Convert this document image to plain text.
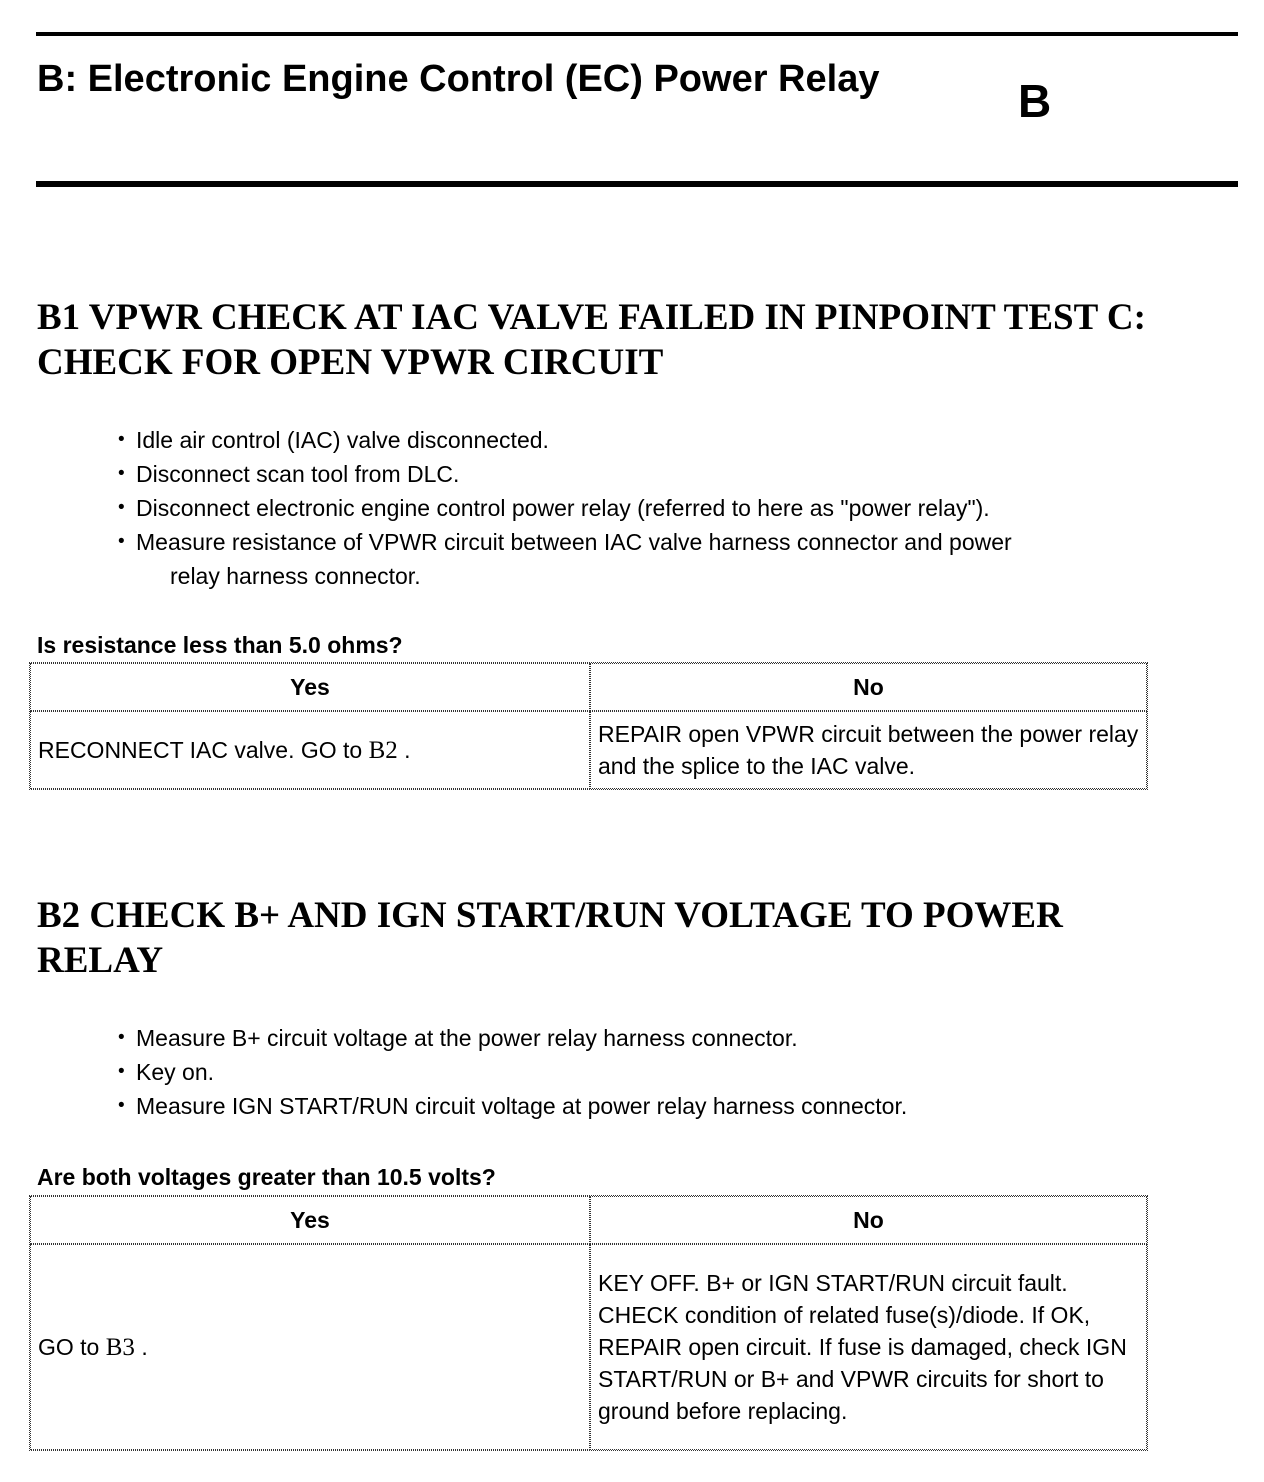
B: Electronic Engine Control (EC) Power Relay	B
B1 VPWR CHECK AT IAC VALVE FAILED IN PINPOINT TEST C:
CHECK FOR OPEN VPWR CIRCUIT
• Idle air control (IAC) valve disconnected.
• Disconnect scan tool from DLC.
• Disconnect electronic engine control power relay (referred to here as "power relay").
• Measure resistance of VPWR circuit between IAC valve harness connector and power
relay harness connector.

Is resistance less than 5.0 ohms?

Yes	No
RECONNECT IAC valve. GO to B2 .	REPAIR open VPWR circuit between the power relay and the splice to the IAC valve.
B2 CHECK B+ AND IGN START/RUN VOLTAGE TO POWER
RELAY
• Measure B+ circuit voltage at the power relay harness connector.
• Key on.
• Measure IGN START/RUN circuit voltage at power relay harness connector.

Are both voltages greater than 10.5 volts?

Yes	No
GO to B3 .	KEY OFF. B+ or IGN START/RUN circuit fault. CHECK condition of related fuse(s)/diode. If OK, REPAIR open circuit. If fuse is damaged, check IGN START/RUN or B+ and VPWR circuits for short to ground before replacing.
